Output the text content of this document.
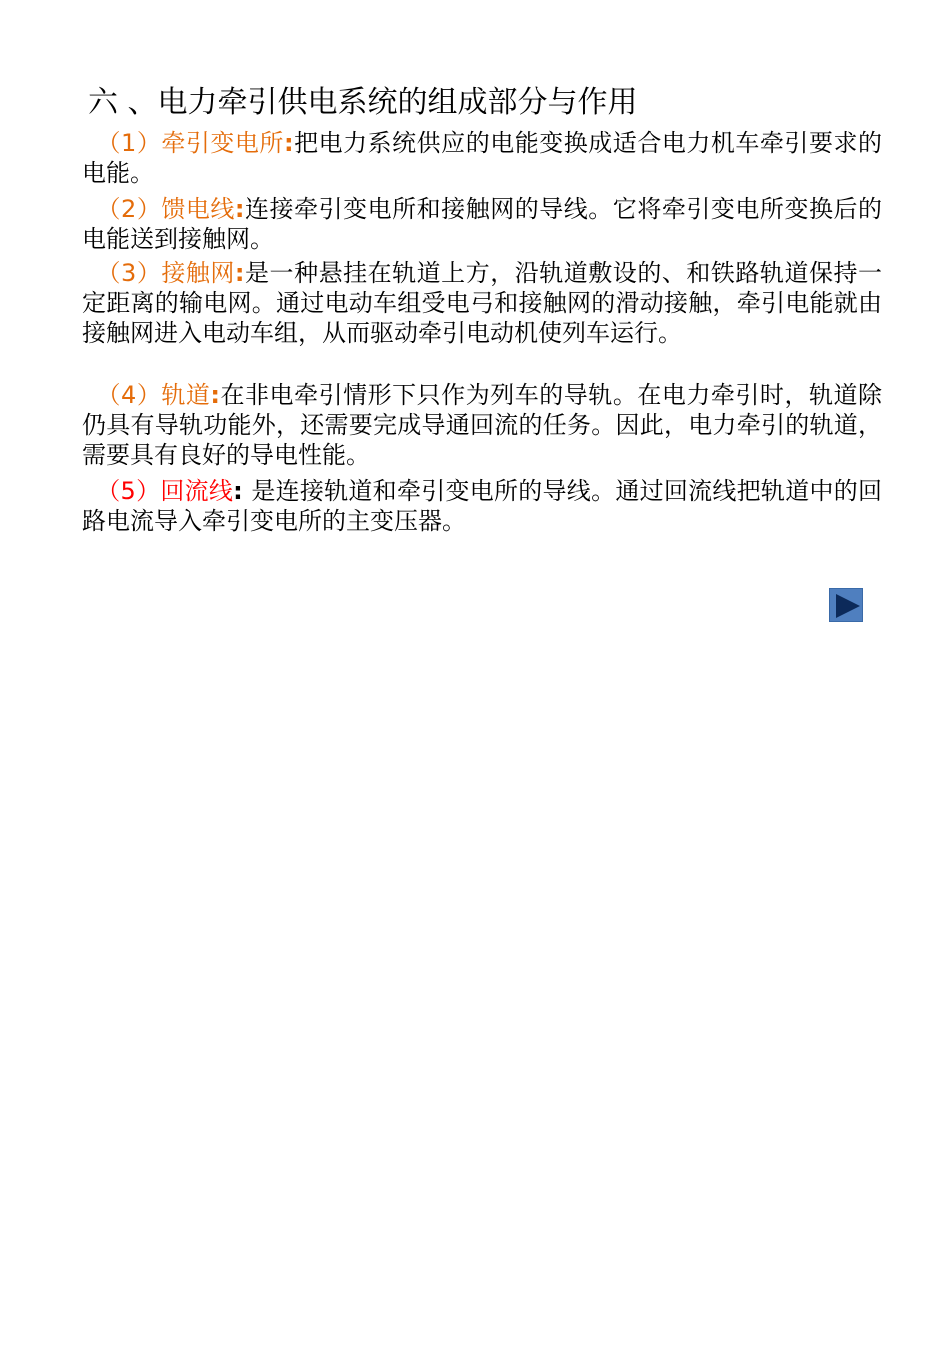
六 、电力牵引供电系统的组成部分与作用
（1）牵引变电所:把电力系统供应的电能变换成适合电力机车牵引要求的电能。
（2）馈电线:连接牵引变电所和接触网的导线。它将牵引变电所变换后的电能送到接触网。
（3）接触网:是一种悬挂在轨道上方，沿轨道敷设的、和铁路轨道保持一定距离的输电网。通过电动车组受电弓和接触网的滑动接触，牵引电能就由接触网进入电动车组，从而驱动牵引电动机使列车运行。
（4）轨道:在非电牵引情形下只作为列车的导轨。在电力牵引时，轨道除仍具有导轨功能外，还需要完成导通回流的任务。因此，电力牵引的轨道，需要具有良好的导电性能。
（5）回流线: 是连接轨道和牵引变电所的导线。通过回流线把轨道中的回路电流导入牵引变电所的主变压器。
